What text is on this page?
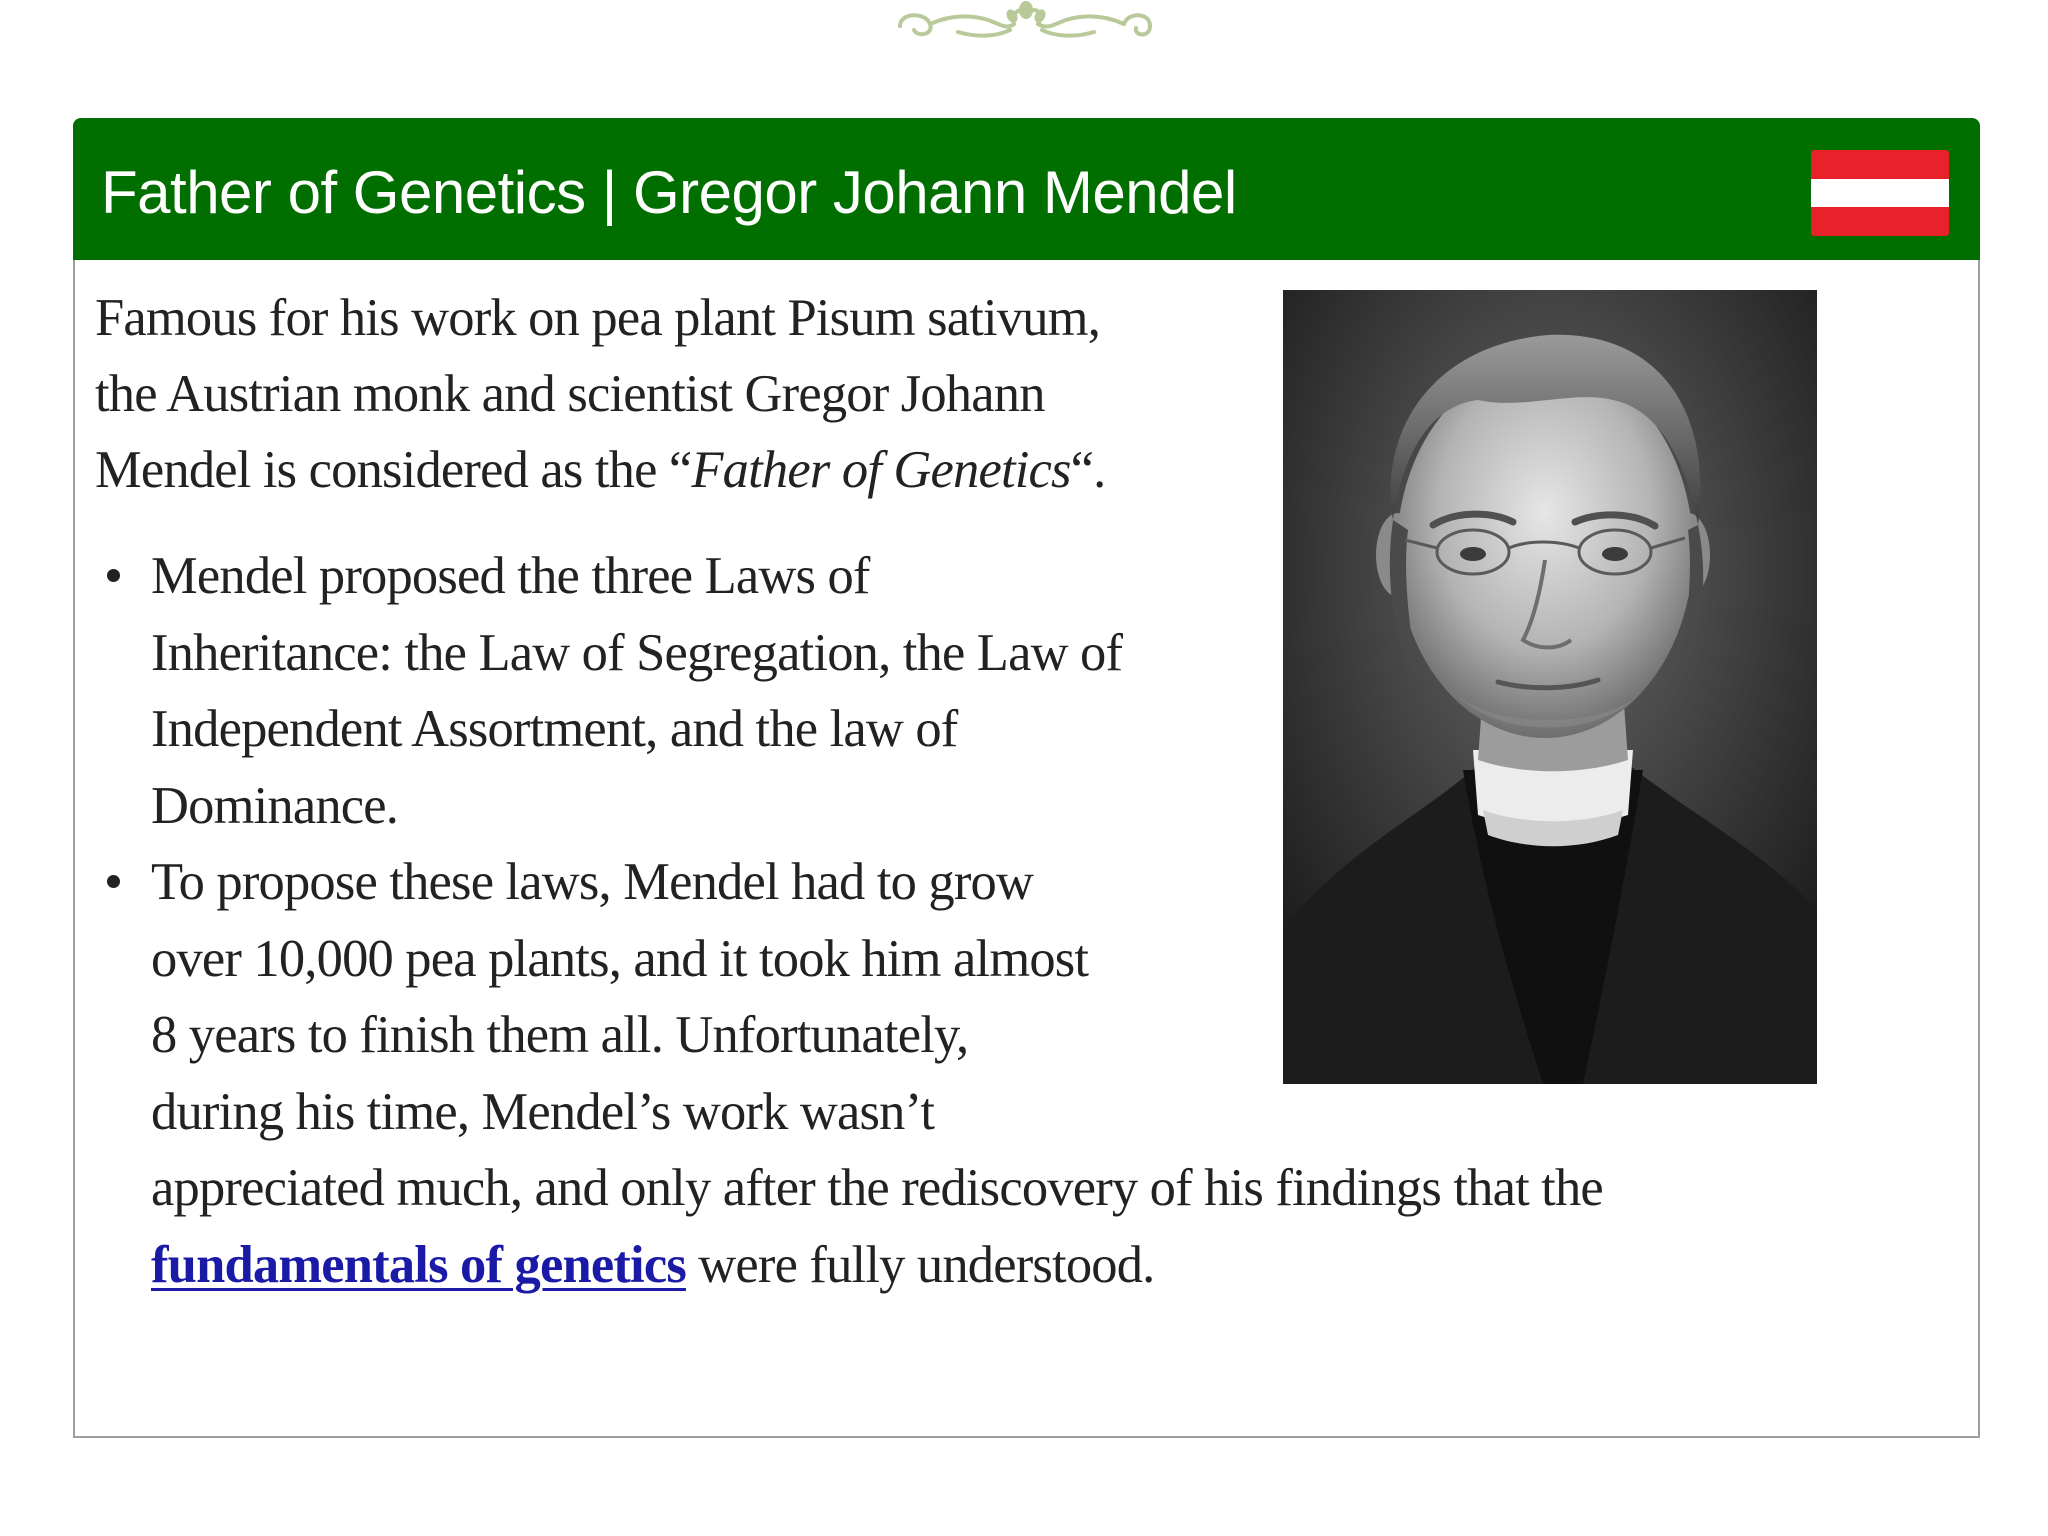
Father of Genetics | Gregor Johann Mendel

Famous for his work on pea plant Pisum sativum,
the Austrian monk and scientist Gregor Johann
Mendel is considered as the “Father of Genetics“.

Mendel proposed the three Laws of
Inheritance: the Law of Segregation, the Law of
Independent Assortment, and the law of
Dominance.
To propose these laws, Mendel had to grow
over 10,000 pea plants, and it took him almost
8 years to finish them all. Unfortunately,
during his time, Mendel’s work wasn’t
appreciated much, and only after the rediscovery of his findings that the
fundamentals of genetics were fully understood.
